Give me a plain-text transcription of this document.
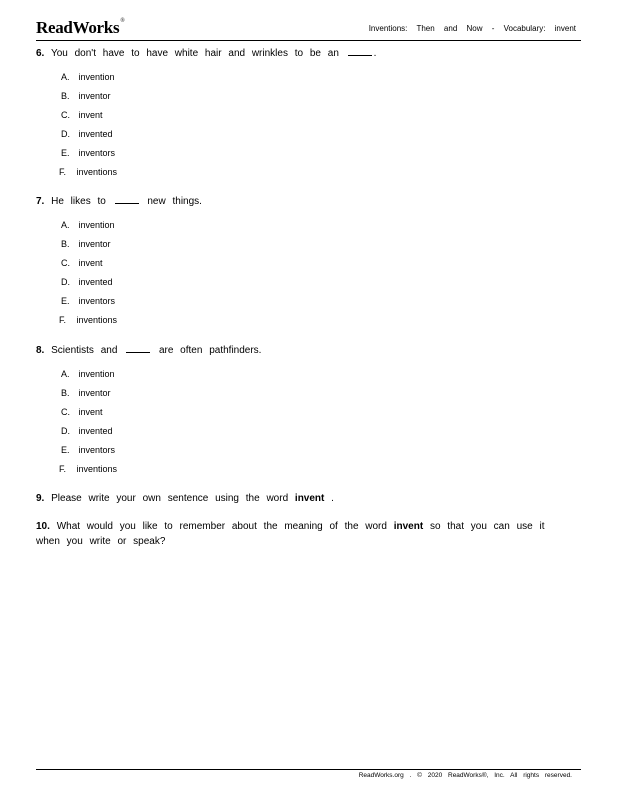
ReadWorks®
Inventions: Then and Now - Vocabulary: invent
6. You don't have to have white hair and wrinkles to be an	.
A. invention
B. inventor
C. invent
D. invented
E. inventors
F. inventions
7. He likes to	new things.
A. invention
B. inventor
C. invent
D. invented
E. inventors
F. inventions
8. Scientists and	are often pathfinders.
A. invention
B. inventor
C. invent
D. invented
E. inventors
F. inventions
9. Please write your own sentence using the word invent .
10. What would you like to remember about the meaning of the word invent so that you can use it when you write or speak?
ReadWorks.org . © 2020 ReadWorks®, Inc. All rights reserved.
